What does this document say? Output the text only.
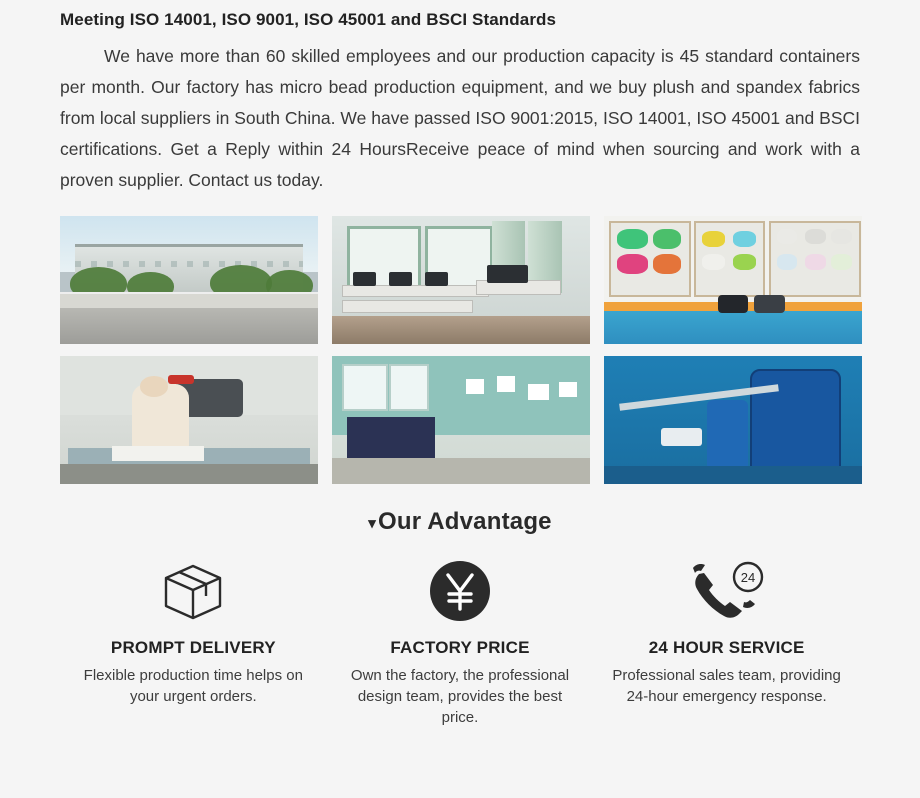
Meeting ISO 14001, ISO 9001, ISO 45001 and BSCI Standards
We have more than 60 skilled employees and our production capacity is 45 standard containers per month. Our factory has micro bead production equipment, and we buy plush and spandex fabrics from local suppliers in South China. We have passed ISO 9001:2015, ISO 14001, ISO 45001 and BSCI certifications. Get a Reply within 24 HoursReceive peace of mind when sourcing and work with a proven supplier. Contact us today.
▾Our Advantage
PROMPT DELIVERY
Flexible production time helps on your urgent orders.
FACTORY PRICE
Own the factory, the professional design team, provides the best price.
24
24 HOUR SERVICE
Professional sales team, providing 24-hour emergency response.
